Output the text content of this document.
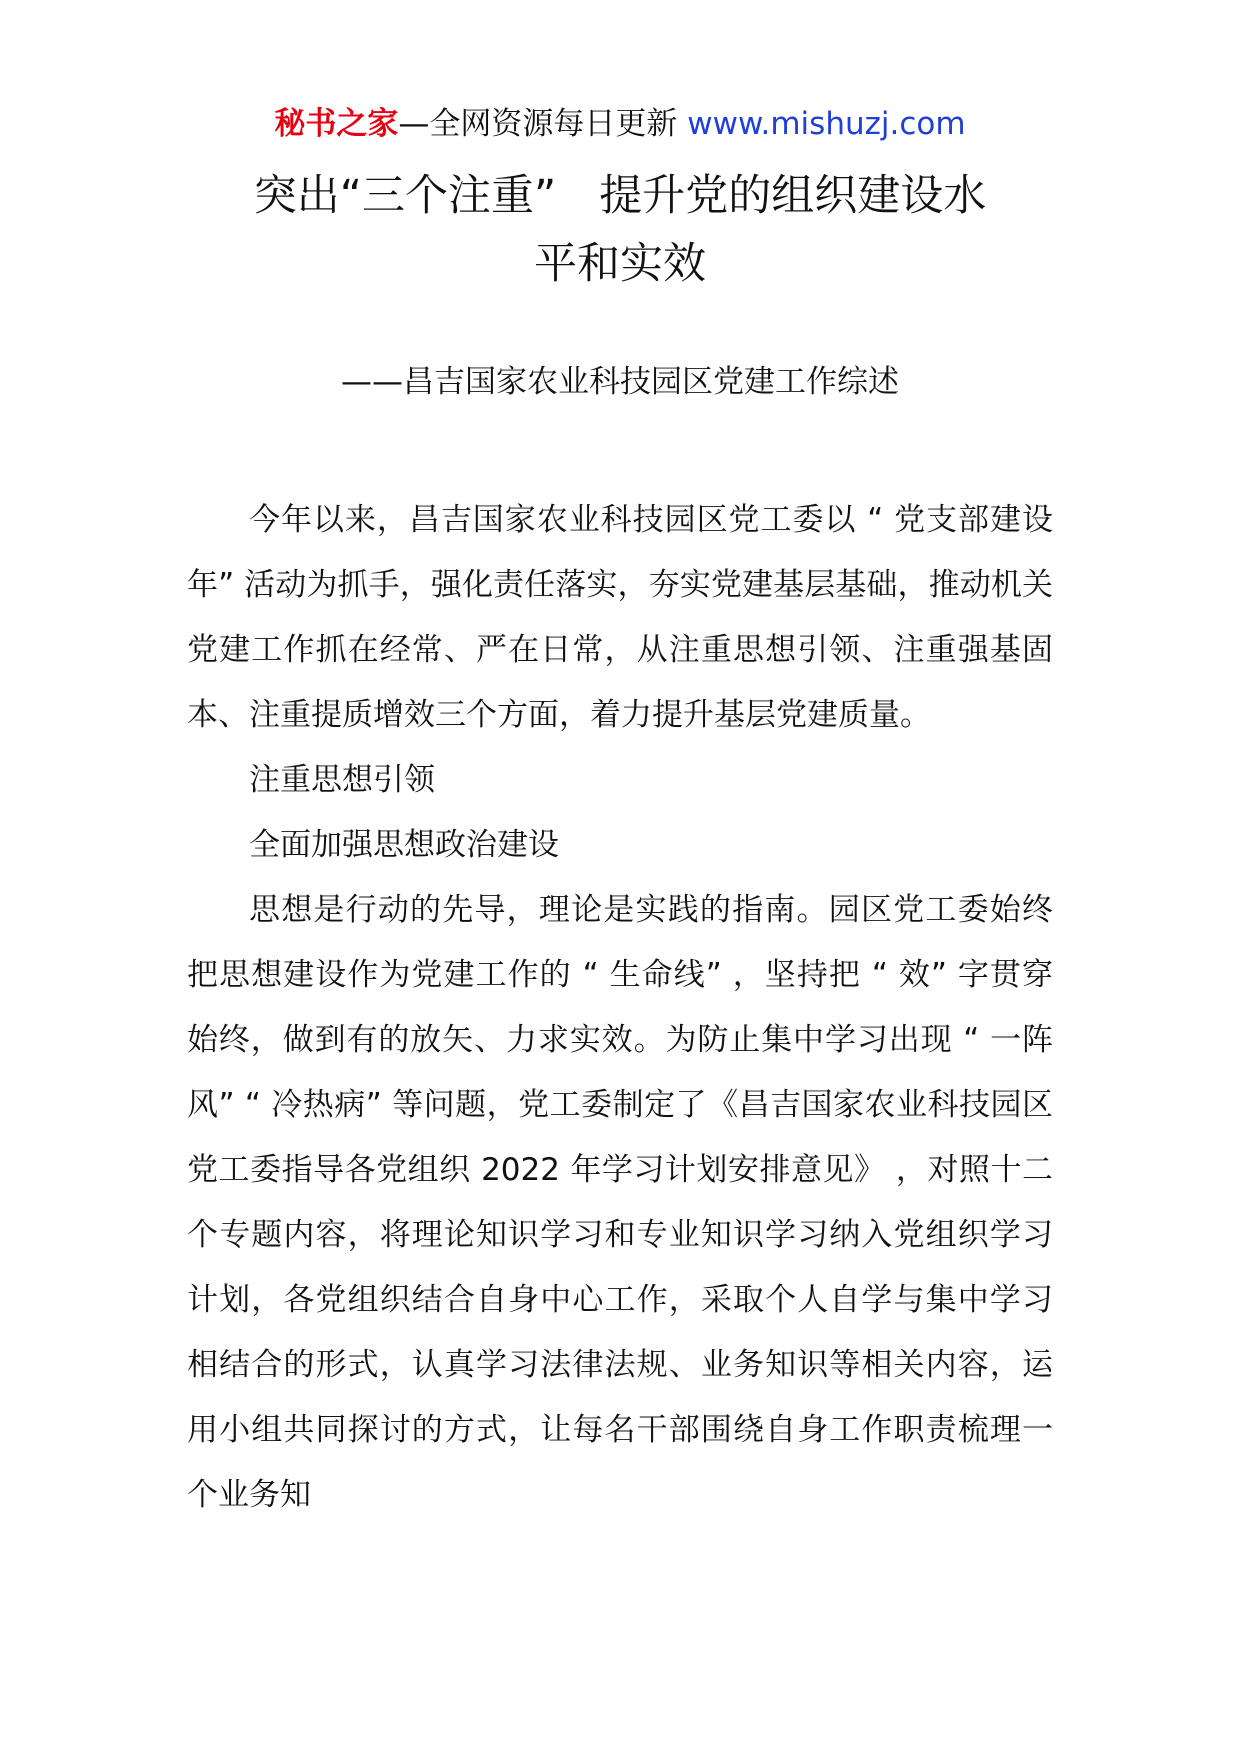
秘书之家—全网资源每日更新 www.mishuzj.com
突出“三个注重”　提升党的组织建设水
平和实效
——昌吉国家农业科技园区党建工作综述

今年以来，昌吉国家农业科技园区党工委以 “ 党支部建设年” 活动为抓手，强化责任落实，夯实党建基层基础，推动机关党建工作抓在经常、严在日常，从注重思想引领、注重强基固本、注重提质增效三个方面，着力提升基层党建质量。

注重思想引领

全面加强思想政治建设

思想是行动的先导，理论是实践的指南。园区党工委始终把思想建设作为党建工作的 “ 生命线” ，坚持把 “ 效” 字贯穿始终，做到有的放矢、力求实效。为防止集中学习出现 “ 一阵风” “ 冷热病” 等问题，党工委制定了《昌吉国家农业科技园区党工委指导各党组织 2022 年学习计划安排意见》 ，对照十二个专题内容，将理论知识学习和专业知识学习纳入党组织学习计划，各党组织结合自身中心工作，采取个人自学与集中学习相结合的形式，认真学习法律法规、业务知识等相关内容，运用小组共同探讨的方式，让每名干部围绕自身工作职责梳理一个业务知
